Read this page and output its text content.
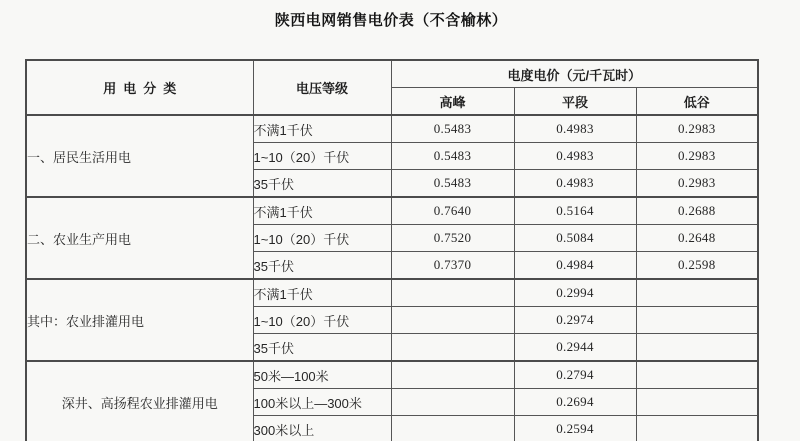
陕西电网销售电价表（不含榆林）
用电分类	电压等级	电度电价（元/千瓦时）		
		高峰	平段	低谷
一、居民生活用电	不满1千伏	0.5483	0.4983	0.2983
	1~10（20）千伏	0.5483	0.4983	0.2983
	35千伏	0.5483	0.4983	0.2983
二、农业生产用电	不满1千伏	0.7640	0.5164	0.2688
	1~10（20）千伏	0.7520	0.5084	0.2648
	35千伏	0.7370	0.4984	0.2598
其中：农业排灌用电	不满1千伏		0.2994	
	1~10（20）千伏		0.2974	
	35千伏		0.2944	
深井、高扬程农业排灌用电	50米—100米		0.2794	
	100米以上—300米		0.2694	
	300米以上		0.2594	
